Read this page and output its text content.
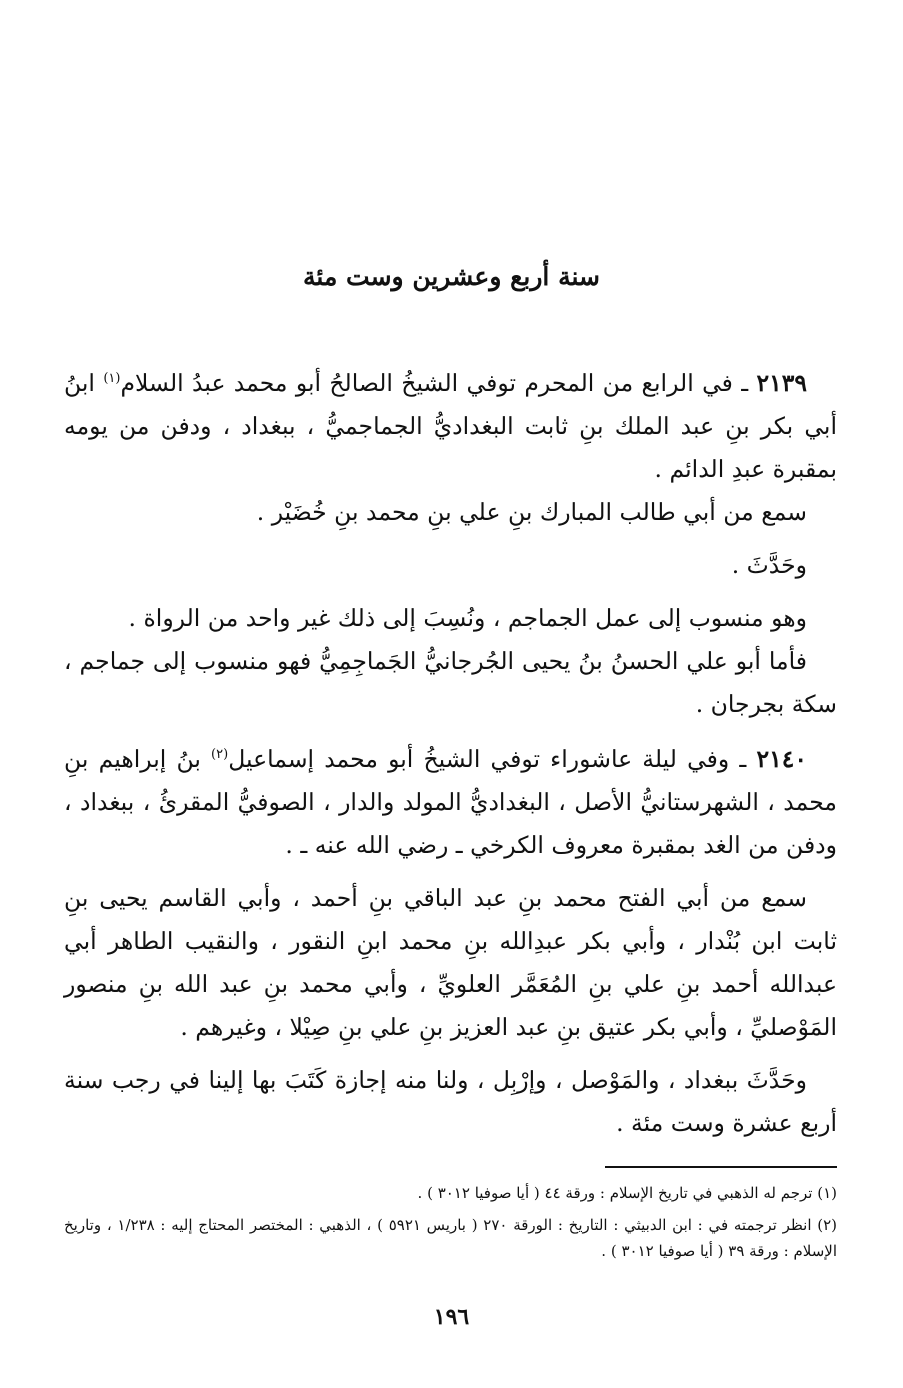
سنة أربع وعشرين وست مئة

٢١٣٩ ـ في الرابع من المحرم توفي الشيخُ الصالحُ أبو محمد عبدُ السلام$^{(١)}$ ابنُ أبي بكر بنِ عبد الملك بنِ ثابت البغداديُّ الجماجميُّ ، ببغداد ، ودفن من يومه بمقبرة عبدِ الدائم .

سمع من أبي طالب المبارك بنِ علي بنِ محمد بنِ خُضَيْر .

وحَدَّثَ .

وهو منسوب إلى عمل الجماجم ، ونُسِبَ إلى ذلك غير واحد من الرواة .

فأما أبو علي الحسنُ بنُ يحيى الجُرجانيُّ الجَماجِمِيُّ فهو منسوب إلى جماجم ، سكة بجرجان .

٢١٤٠ ـ وفي ليلة عاشوراء توفي الشيخُ أبو محمد إسماعيل$^{(٢)}$ بنُ إبراهيم بنِ محمد ، الشهرستانيُّ الأصل ، البغداديُّ المولد والدار ، الصوفيُّ المقرئُ ، ببغداد ، ودفن من الغد بمقبرة معروف الكرخي ـ رضي الله عنه ـ .

سمع من أبي الفتح محمد بنِ عبد الباقي بنِ أحمد ، وأبي القاسم يحيى بنِ ثابت ابن بُنْدار ، وأبي بكر عبدِالله بنِ محمد ابنِ النقور ، والنقيب الطاهر أبي عبدالله أحمد بنِ علي بنِ المُعَمَّر العلويِّ ، وأبي محمد بنِ عبد الله بنِ منصور المَوْصليِّ ، وأبي بكر عتيق بنِ عبد العزيز بنِ علي بنِ صِيْلا ، وغيرهم .

وحَدَّثَ ببغداد ، والمَوْصل ، وإرْبِل ، ولنا منه إجازة كَتَبَ بها إلينا في رجب سنة أربع عشرة وست مئة .

(١) ترجم له الذهبي في تاريخ الإسلام : ورقة ٤٤ ( أيا صوفيا ٣٠١٢ ) .

(٢) انظر ترجمته في : ابن الدبيثي : التاريخ : الورقة ٢٧٠ ( باريس ٥٩٢١ ) ، الذهبي : المختصر المحتاج إليه : ١/٢٣٨ ، وتاريخ الإسلام : ورقة ٣٩ ( أيا صوفيا ٣٠١٢ ) .

١٩٦
